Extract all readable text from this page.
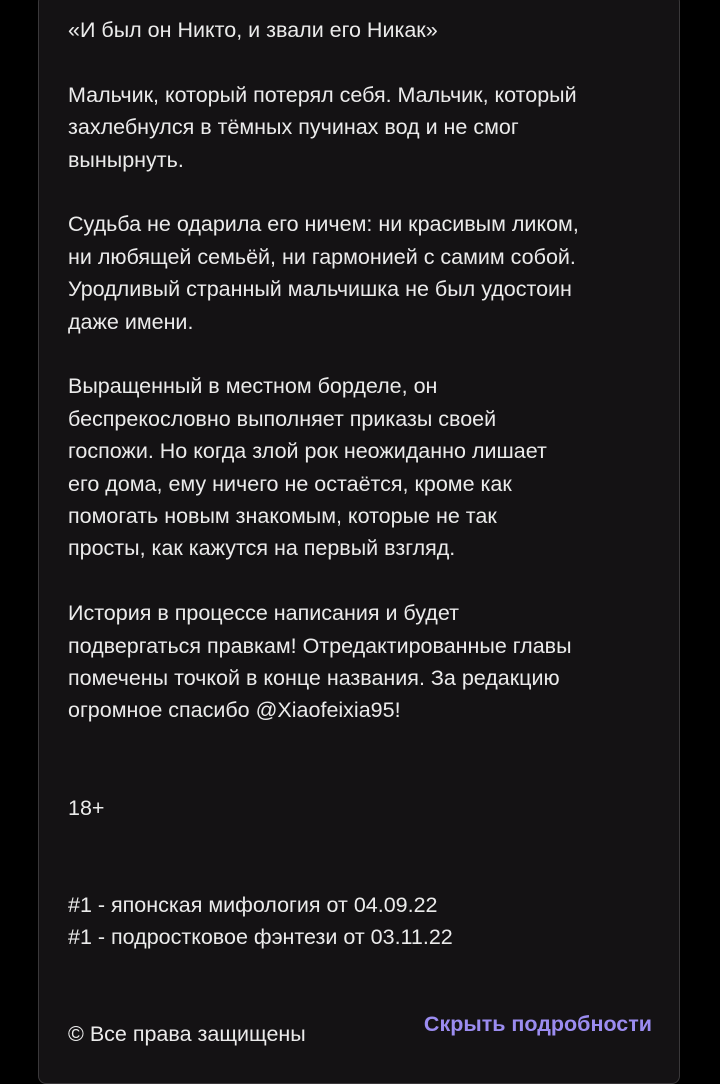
«И был он Никто, и звали его Никак»

Мальчик, который потерял себя. Мальчик, который

захлебнулся в тёмных пучинах вод и не смог

вынырнуть.

Судьба не одарила его ничем: ни красивым ликом,

ни любящей семьёй, ни гармонией с самим собой.

Уродливый странный мальчишка не был удостоин

даже имени.

Выращенный в местном борделе, он

беспрекословно выполняет приказы своей

госпожи. Но когда злой рок неожиданно лишает

его дома, ему ничего не остаётся, кроме как

помогать новым знакомым, которые не так

просты, как кажутся на первый взгляд.

История в процессе написания и будет

подвергаться правкам! Отредактированные главы

помечены точкой в конце названия. За редакцию

огромное спасибо @Xiaofeixia95!

18+

#1 - японская мифология от 04.09.22

#1 - подростковое фэнтези от 03.11.22

© Все права защищены	Скрыть подробности
